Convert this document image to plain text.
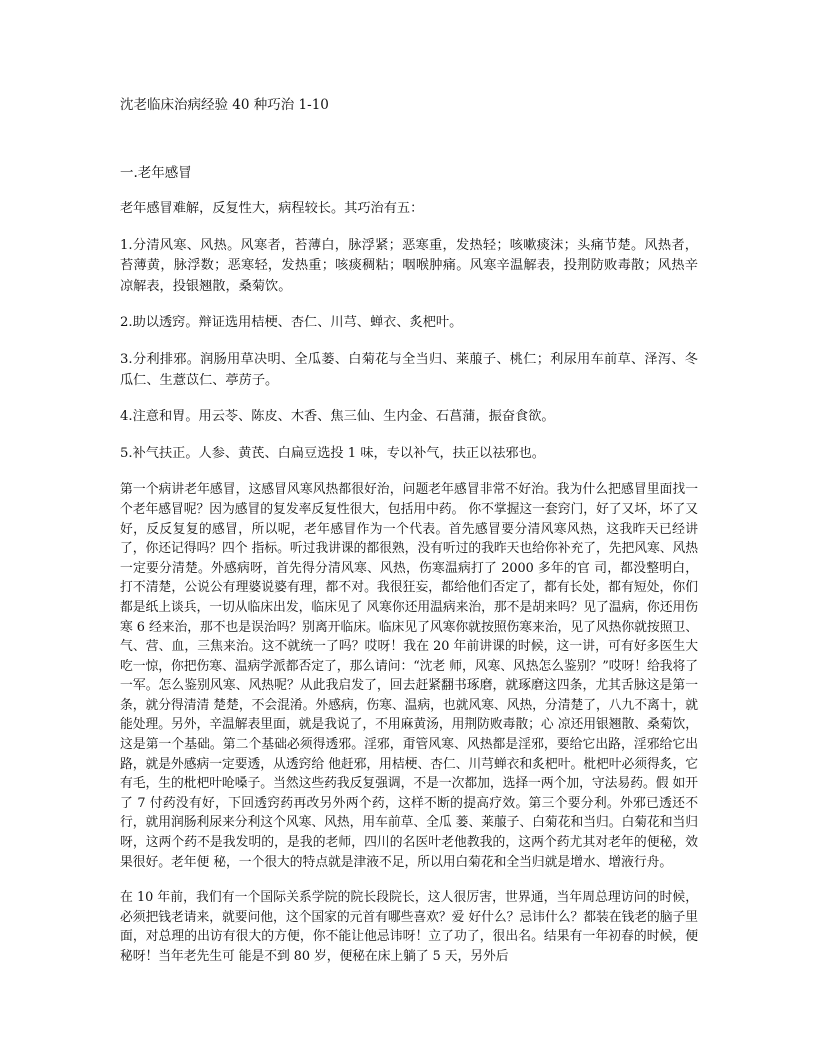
沈老临床治病经验 40 种巧治 1-10
一.老年感冒

老年感冒难解，反复性大，病程较长。其巧治有五：

1.分清风寒、风热。风寒者，苔薄白，脉浮紧；恶寒重，发热轻；咳嗽痰沫；头痛节楚。风热者，苔薄黄，脉浮数；恶寒轻，发热重；咳痰稠粘；咽喉肿痛。风寒辛温解表，投荆防败毒散；风热辛凉解表，投银翘散，桑菊饮。

2.助以透窍。辩证选用桔梗、杏仁、川芎、蝉衣、炙杷叶。

3.分利排邪。润肠用草决明、全瓜蒌、白菊花与全当归、莱菔子、桃仁；利尿用车前草、泽泻、冬瓜仁、生薏苡仁、葶苈子。

4.注意和胃。用云苓、陈皮、木香、焦三仙、生内金、石菖蒲，振奋食欲。

5.补气扶正。人参、黄芪、白扁豆选投 1 味，专以补气，扶正以祛邪也。

第一个病讲老年感冒，这感冒风寒风热都很好治，问题老年感冒非常不好治。我为什么把感冒里面找一个老年感冒呢？因为感冒的复发率反复性很大，包括用中药。 你不掌握这一套窍门，好了又坏，坏了又好，反反复复的感冒，所以呢，老年感冒作为一个代表。首先感冒要分清风寒风热，这我昨天已经讲了，你还记得吗？四个 指标。听过我讲课的都很熟，没有听过的我昨天也给你补充了，先把风寒、风热一定要分清楚。外感病呀，首先得分清风寒、风热，伤寒温病打了 2000 多年的官 司，都没整明白，打不清楚，公说公有理婆说婆有理，都不对。我很狂妄，都给他们否定了，都有长处，都有短处，你们都是纸上谈兵，一切从临床出发，临床见了 风寒你还用温病来治，那不是胡来吗？见了温病，你还用伤寒 6 经来治，那不也是误治吗？别离开临床。临床见了风寒你就按照伤寒来治，见了风热你就按照卫、 气、营、血，三焦来治。这不就统一了吗？哎呀！我在 20 年前讲课的时候，这一讲，可有好多医生大吃一惊，你把伤寒、温病学派都否定了，那么请问：“沈老 师，风寒、风热怎么鉴别？”哎呀！给我将了一军。怎么鉴别风寒、风热呢？从此我启发了，回去赶紧翻书琢磨，就琢磨这四条，尤其舌脉这是第一条，就分得清清 楚楚，不会混淆。外感病，伤寒、温病，也就风寒、风热，分清楚了，八九不离十，就能处理。另外，辛温解表里面，就是我说了，不用麻黄汤，用荆防败毒散；心 凉还用银翘散、桑菊饮，这是第一个基础。第二个基础必须得透邪。淫邪，甭管风寒、风热都是淫邪，要给它出路，淫邪给它出路，就是外感病一定要透，从透窍给 他赶邪，用桔梗、杏仁、川芎蝉衣和炙杷叶。枇杷叶必须得炙，它有毛，生的枇杷叶呛嗓子。当然这些药我反复强调，不是一次都加，选择一两个加，守法易药。假 如开了 7 付药没有好，下回透窍药再改另外两个药，这样不断的提高疗效。第三个要分利。外邪已透还不行，就用润肠利尿来分利这个风寒、风热，用车前草、全瓜 蒌、莱菔子、白菊花和当归。白菊花和当归呀，这两个药不是我发明的，是我的老师，四川的名医叶老他教我的，这两个药尤其对老年的便秘，效果很好。老年便 秘，一个很大的特点就是津液不足，所以用白菊花和全当归就是增水、增液行舟。

在 10 年前，我们有一个国际关系学院的院长段院长，这人很厉害，世界通，当年周总理访问的时候，必须把钱老请来，就要问他，这个国家的元首有哪些喜欢？爱 好什么？忌讳什么？都装在钱老的脑子里面，对总理的出访有很大的方便，你不能让他忌讳呀！立了功了，很出名。结果有一年初春的时候，便秘呀！当年老先生可 能是不到 80 岁，便秘在床上躺了 5 天，另外后
